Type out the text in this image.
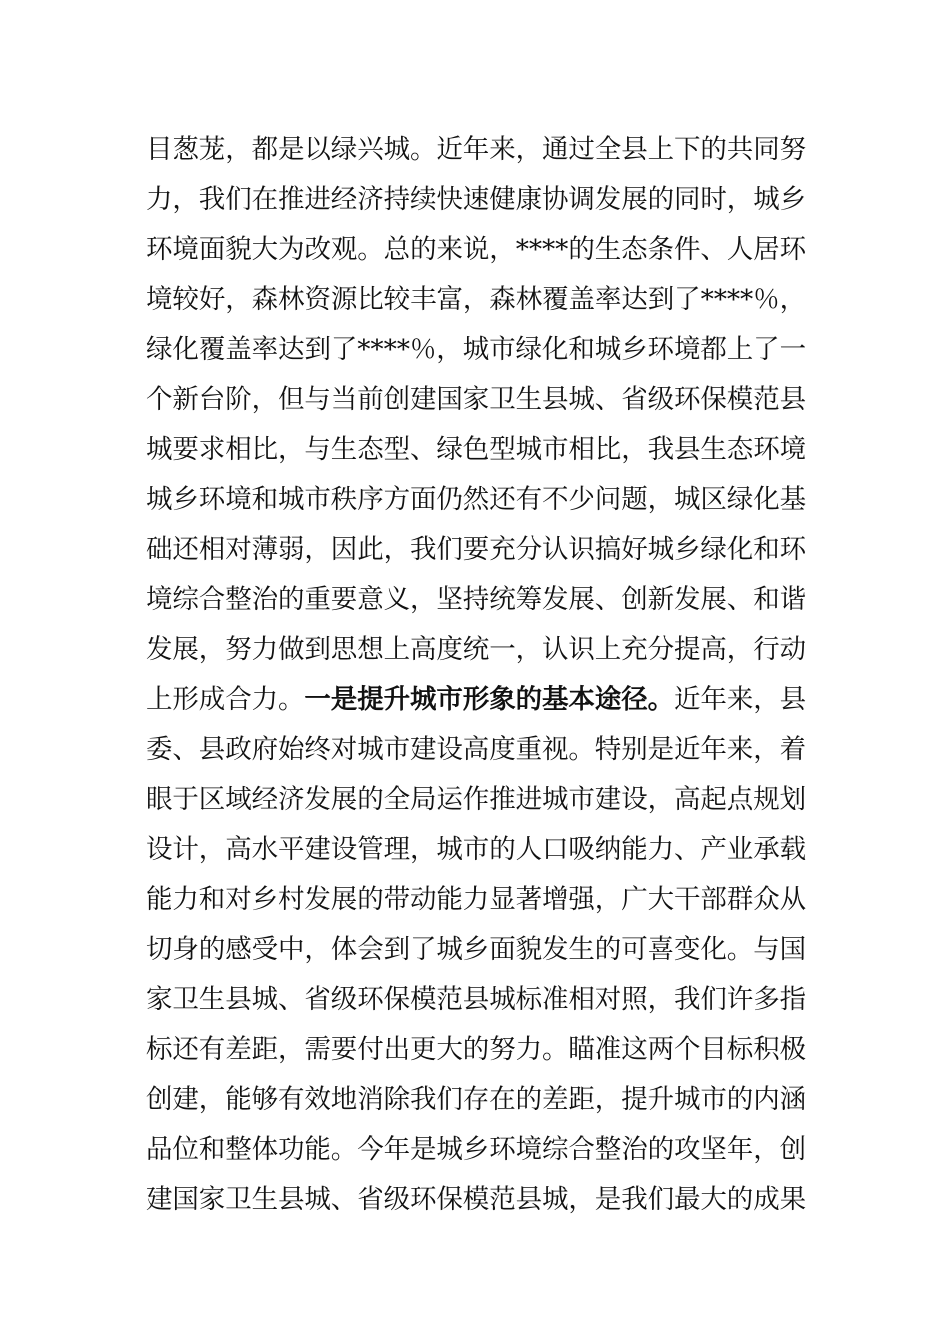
目葱茏，都是以绿兴城。近年来，通过全县上下的共同努
力，我们在推进经济持续快速健康协调发展的同时，城乡
环境面貌大为改观。总的来说，****的生态条件、人居环
境较好，森林资源比较丰富，森林覆盖率达到了****％，
绿化覆盖率达到了****％，城市绿化和城乡环境都上了一
个新台阶，但与当前创建国家卫生县城、省级环保模范县
城要求相比，与生态型、绿色型城市相比，我县生态环境
城乡环境和城市秩序方面仍然还有不少问题，城区绿化基
础还相对薄弱，因此，我们要充分认识搞好城乡绿化和环
境综合整治的重要意义，坚持统筹发展、创新发展、和谐
发展，努力做到思想上高度统一，认识上充分提高，行动
上形成合力。一是提升城市形象的基本途径。近年来，县
委、县政府始终对城市建设高度重视。特别是近年来，着
眼于区域经济发展的全局运作推进城市建设，高起点规划
设计，高水平建设管理，城市的人口吸纳能力、产业承载
能力和对乡村发展的带动能力显著增强，广大干部群众从
切身的感受中，体会到了城乡面貌发生的可喜变化。与国
家卫生县城、省级环保模范县城标准相对照，我们许多指
标还有差距，需要付出更大的努力。瞄准这两个目标积极
创建，能够有效地消除我们存在的差距，提升城市的内涵
品位和整体功能。今年是城乡环境综合整治的攻坚年，创
建国家卫生县城、省级环保模范县城，是我们最大的成果
